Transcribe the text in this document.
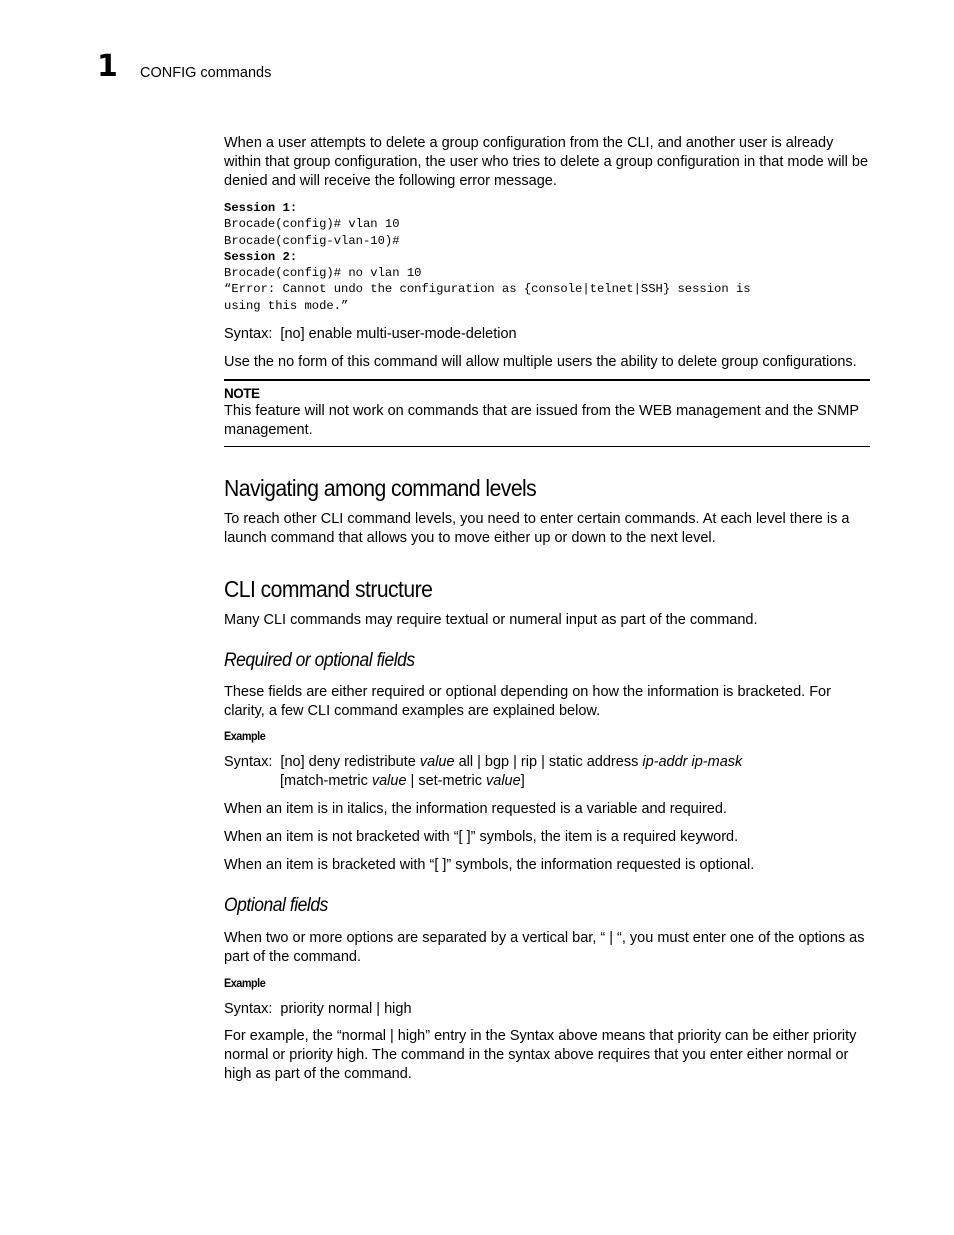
1 CONFIG commands

When a user attempts to delete a group configuration from the CLI, and another user is already within that group configuration, the user who tries to delete a group configuration in that mode will be denied and will receive the following error message.

Session 1:
Brocade(config)# vlan 10
Brocade(config-vlan-10)#
Session 2:
Brocade(config)# no vlan 10
“Error: Cannot undo the configuration as {console|telnet|SSH} session is
using this mode.”

Syntax: [no] enable multi-user-mode-deletion

Use the no form of this command will allow multiple users the ability to delete group configurations.

NOTE

This feature will not work on commands that are issued from the WEB management and the SNMP management.

Navigating among command levels

To reach other CLI command levels, you need to enter certain commands. At each level there is a launch command that allows you to move either up or down to the next level.

CLI command structure

Many CLI commands may require textual or numeral input as part of the command.

Required or optional fields

These fields are either required or optional depending on how the information is bracketed. For clarity, a few CLI command examples are explained below.

Example

Syntax: [no] deny redistribute value all | bgp | rip | static address ip-addr ip-mask

[match-metric value | set-metric value]

When an item is in italics, the information requested is a variable and required.

When an item is not bracketed with “[ ]” symbols, the item is a required keyword.

When an item is bracketed with “[ ]” symbols, the information requested is optional.

Optional fields

When two or more options are separated by a vertical bar, “ | “, you must enter one of the options as part of the command.

Example

Syntax: priority normal | high

For example, the “normal | high” entry in the Syntax above means that priority can be either priority normal or priority high. The command in the syntax above requires that you enter either normal or high as part of the command.
